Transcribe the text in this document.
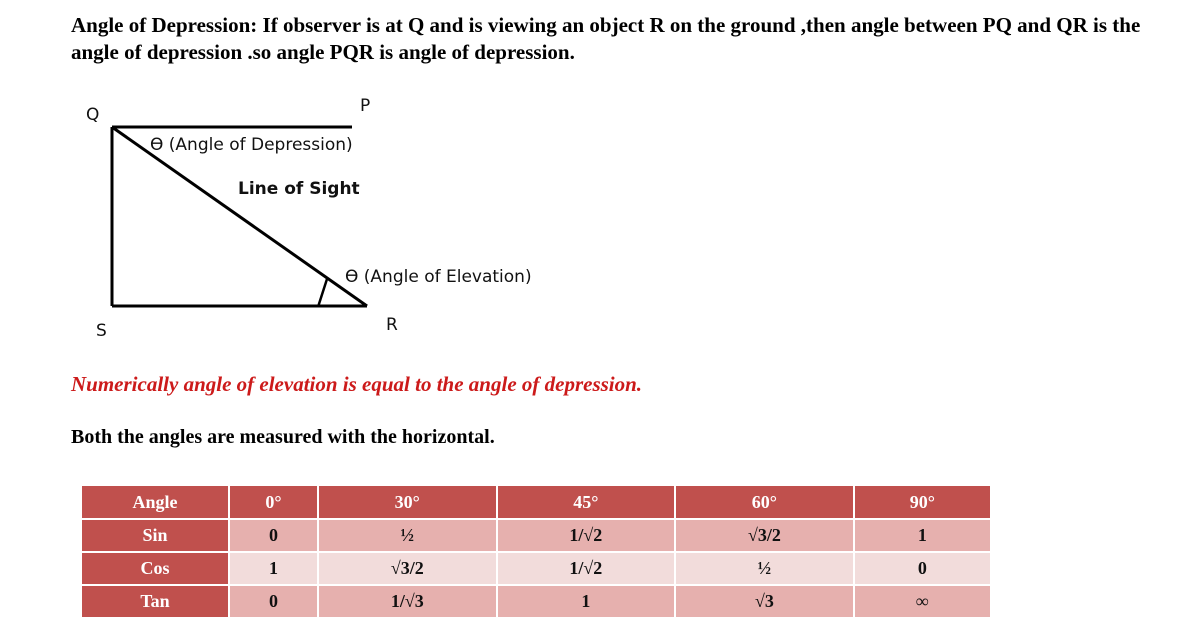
Angle of Depression: If observer is at Q and is viewing an object R on the ground ,then angle between PQ and QR is the angle of depression .so angle PQR is angle of depression.

Q	P
S	R
ϴ (Angle of Depression)
Line of Sight
ϴ (Angle of Elevation)

Numerically angle of elevation is equal to the angle of depression.

Both the angles are measured with the horizontal.

Angle	0°	30°	45°	60°	90°
Sin	0	½	1/√2	√3/2	1
Cos	1	√3/2	1/√2	½	0
Tan	0	1/√3	1	√3	∞
